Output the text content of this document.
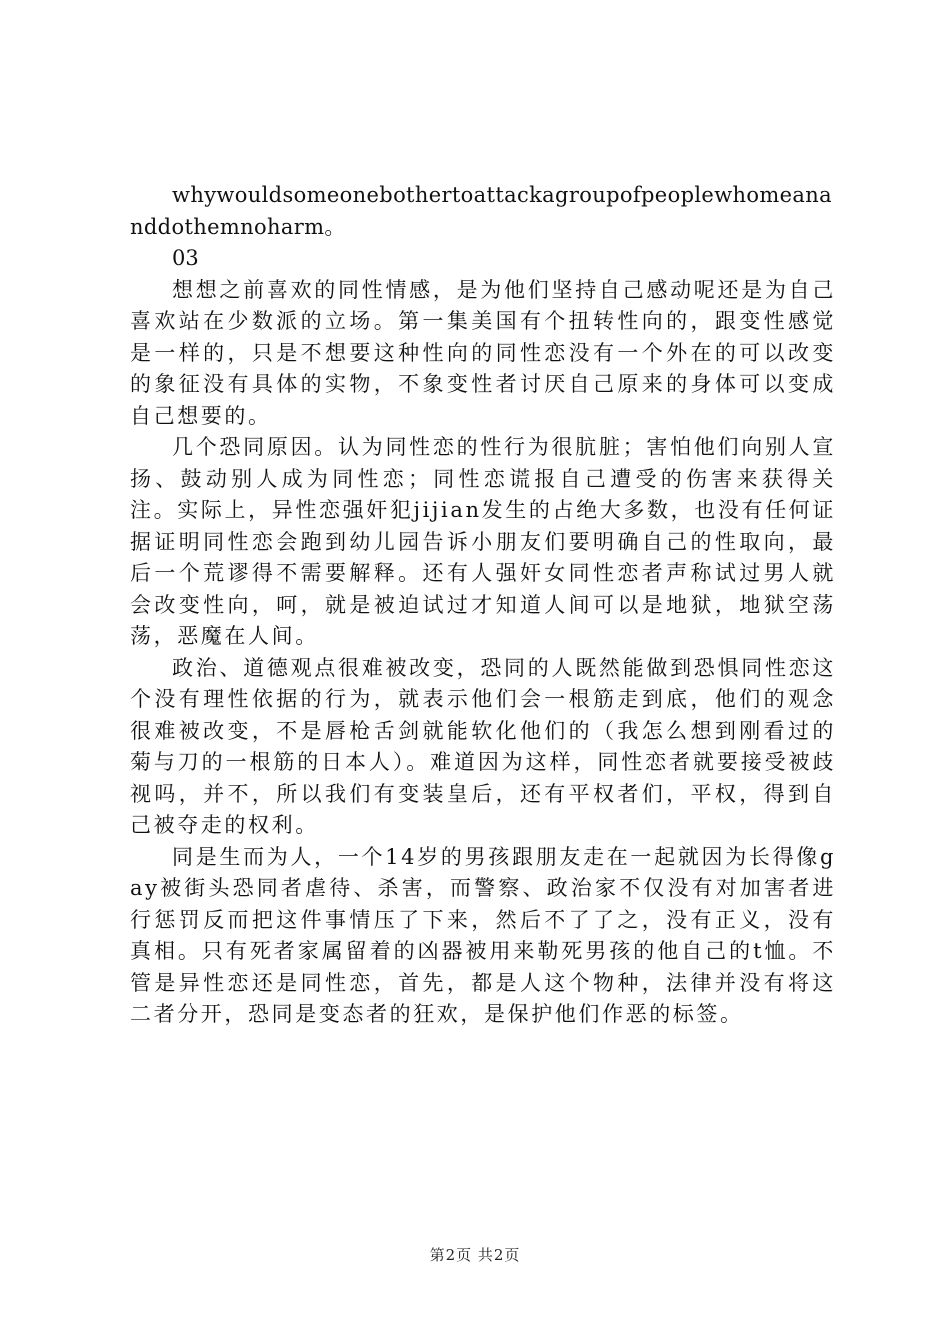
whywouldsomeonebothertoattackagroupofpeoplewhomeananddothemnoharm。

03

想想之前喜欢的同性情感，是为他们坚持自己感动呢还是为自己喜欢站在少数派的立场。第一集美国有个扭转性向的，跟变性感觉是一样的，只是不想要这种性向的同性恋没有一个外在的可以改变的象征没有具体的实物，不象变性者讨厌自己原来的身体可以变成自己想要的。

几个恐同原因。认为同性恋的性行为很肮脏；害怕他们向别人宣扬、鼓动别人成为同性恋；同性恋谎报自己遭受的伤害来获得关注。实际上，异性恋强奸犯jijian发生的占绝大多数，也没有任何证据证明同性恋会跑到幼儿园告诉小朋友们要明确自己的性取向，最后一个荒谬得不需要解释。还有人强奸女同性恋者声称试过男人就会改变性向，呵，就是被迫试过才知道人间可以是地狱，地狱空荡荡，恶魔在人间。

政治、道德观点很难被改变，恐同的人既然能做到恐惧同性恋这个没有理性依据的行为，就表示他们会一根筋走到底，他们的观念很难被改变，不是唇枪舌剑就能软化他们的（我怎么想到刚看过的菊与刀的一根筋的日本人）。难道因为这样，同性恋者就要接受被歧视吗，并不，所以我们有变装皇后，还有平权者们，平权，得到自己被夺走的权利。

同是生而为人，一个14岁的男孩跟朋友走在一起就因为长得像gay被街头恐同者虐待、杀害，而警察、政治家不仅没有对加害者进行惩罚反而把这件事情压了下来，然后不了了之，没有正义，没有真相。只有死者家属留着的凶器被用来勒死男孩的他自己的t恤。不管是异性恋还是同性恋，首先，都是人这个物种，法律并没有将这二者分开，恐同是变态者的狂欢，是保护他们作恶的标签。

第2页 共2页
